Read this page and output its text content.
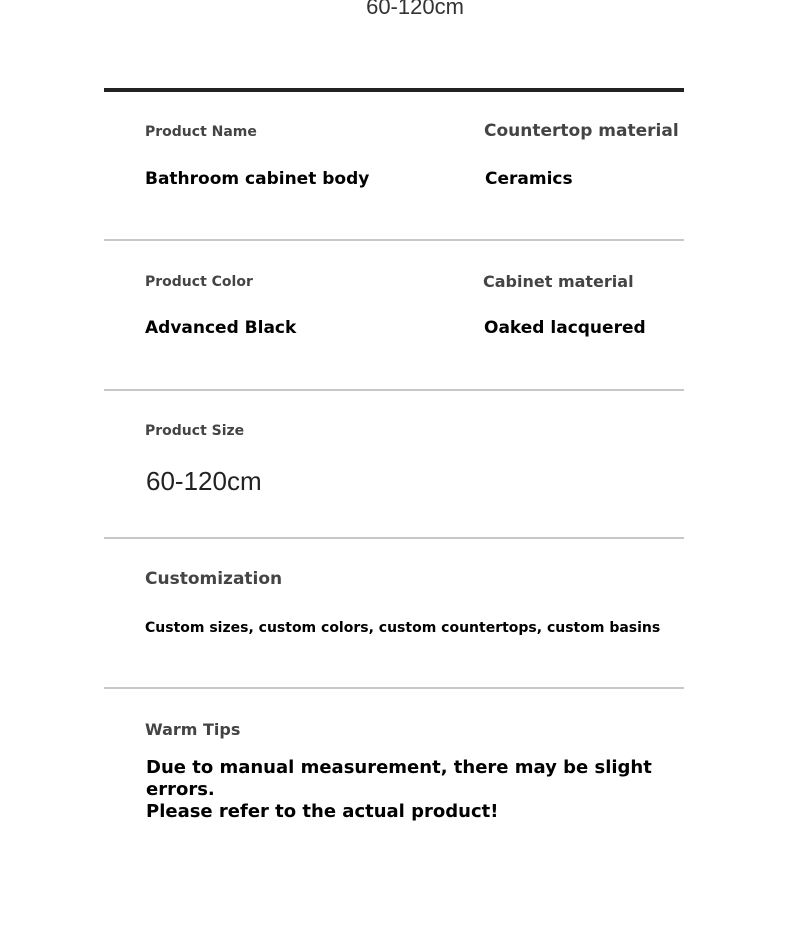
60-120cm
Product Name
Bathroom cabinet body
Countertop material
Ceramics
Product Color
Advanced Black
Cabinet material
Oaked lacquered
Product Size
60-120cm
Customization
Custom sizes, custom colors, custom countertops, custom basins
Warm Tips
Due to manual measurement, there may be slight errors.
Please refer to the actual product!
